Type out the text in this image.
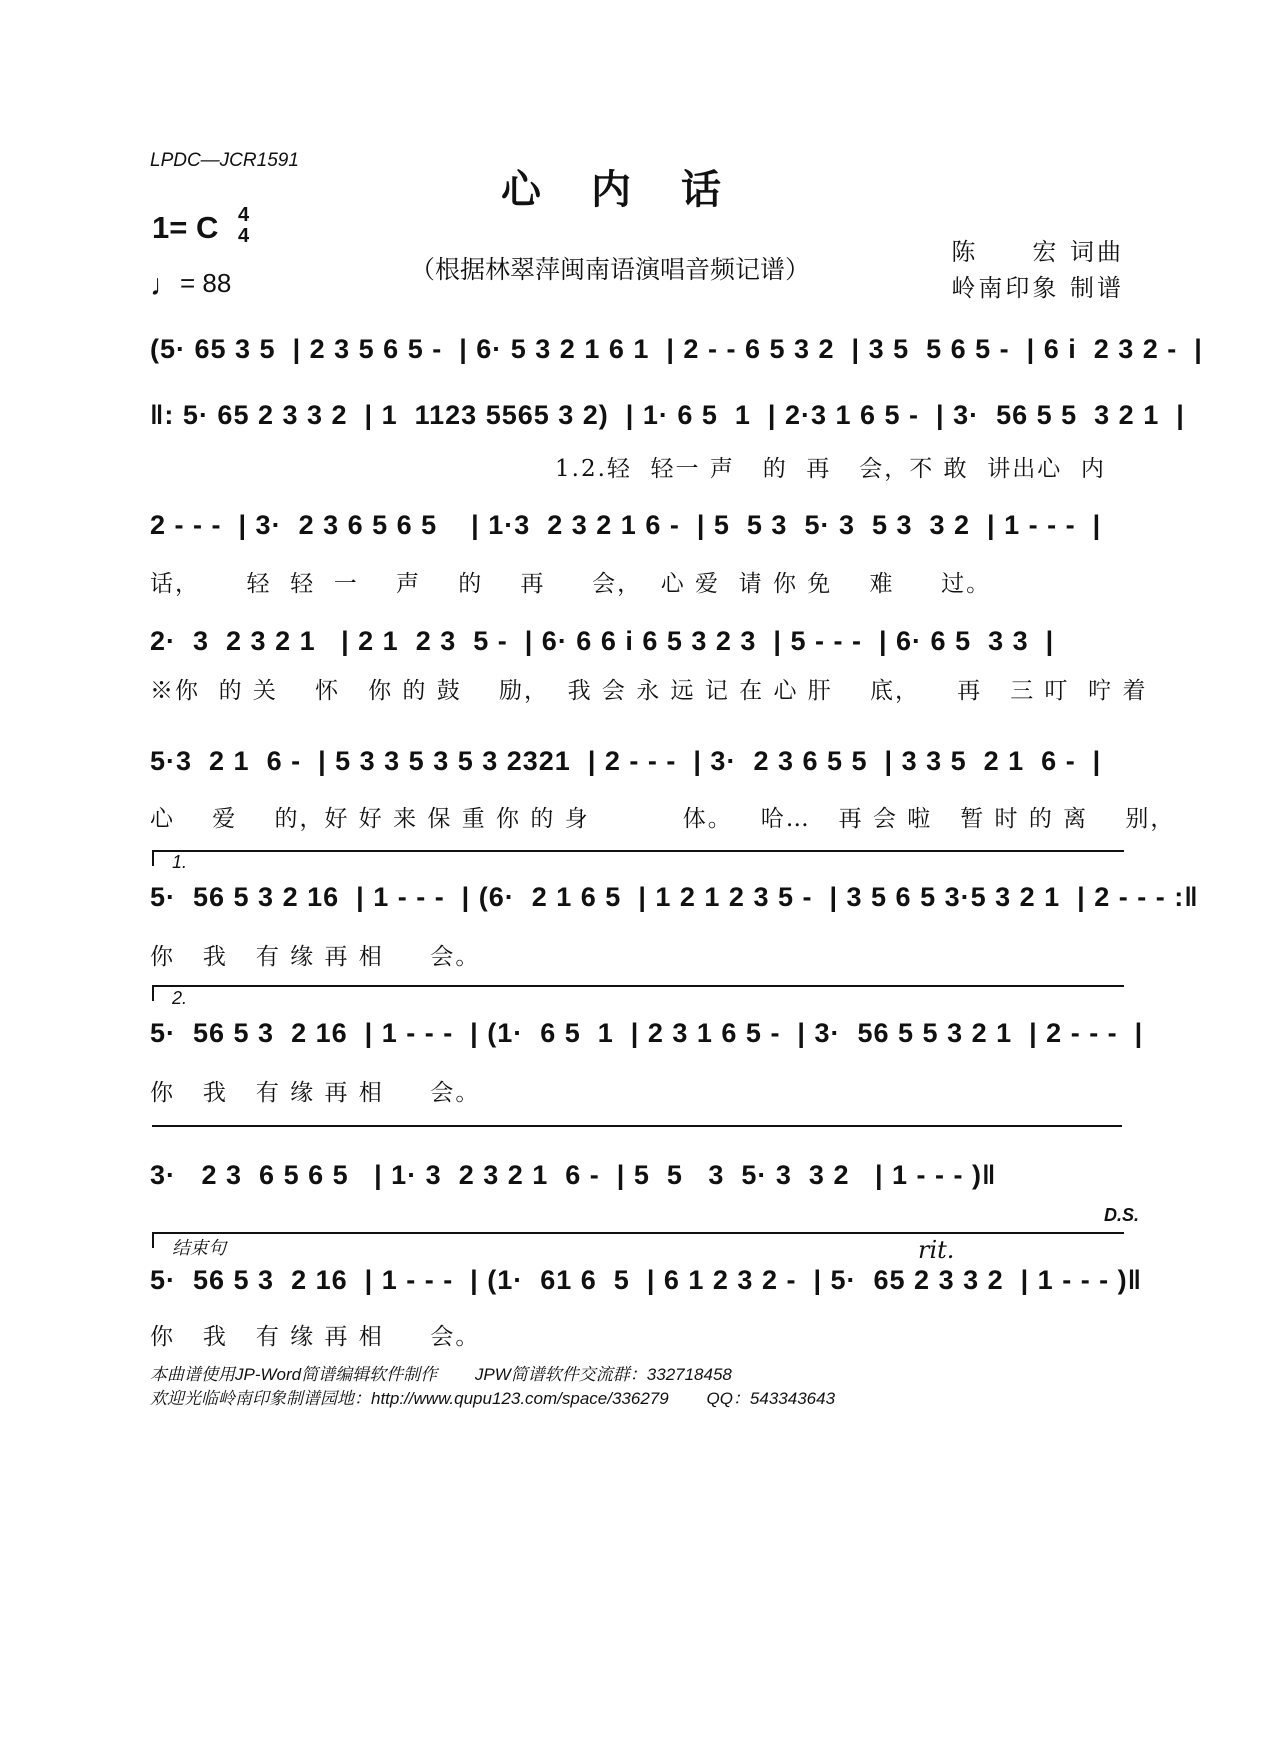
LPDC—JCR1591
心内话
1= C 4
4
♩= 88	（根据林翠萍闽南语演唱音频记谱）
陈　　宏 词曲
岭南印象 制谱
(5· 65 3 5  | 2 3 5 6 5 -  | 6· 5 3 2 1 6 1  | 2 - - 6 5 3 2  | 3 5  5 6 5 -  | 6 i  2 3 2 -  |
‖: 5· 65 2 3 3 2  | 1  1123 5565 3 2)  | 1· 6 5  1  | 2·3 1 6 5 -  | 3·  56 5 5  3 2 1  |
1.2.轻  轻一 声   的  再   会，不 敢  讲出心  内
2 - - -  | 3·  2 3 6 5 6 5    | 1·3  2 3 2 1 6 -  | 5  5 3  5· 3  5 3  3 2  | 1 - - -  |
话，     轻  轻  一    声    的    再     会，  心 爱  请 你 免    难     过。
2·  3  2 3 2 1   | 2 1  2 3  5 -  | 6· 6 6 i 6 5 3 2 3  | 5 - - -  | 6· 6 5  3 3  |
※你  的 关    怀   你 的 鼓    励，  我 会 永 远 记 在 心 肝    底，    再   三 叮  咛 着
5·3  2 1  6 -  | 5 3 3 5 3 5 3 2321  | 2 - - -  | 3·  2 3 6 5 5  | 3 3 5  2 1  6 -  |
心    爱    的，好 好 来 保 重 你 的 身          体。   哈…   再 会 啦   暂 时 的 离    别，
1.
5·  56 5 3 2 16  | 1 - - -  | (6·  2 1 6 5  | 1 2 1 2 3 5 -  | 3 5 6 5 3·5 3 2 1  | 2 - - - :‖
你   我   有 缘 再 相     会。
2.
5·  56 5 3  2 16  | 1 - - -  | (1·  6 5  1  | 2 3 1 6 5 -  | 3·  56 5 5 3 2 1  | 2 - - -  |
你   我   有 缘 再 相     会。
3·   2 3  6 5 6 5   | 1· 3  2 3 2 1  6 -  | 5  5   3  5· 3  3 2   | 1 - - - )‖
D.S.
结束句	rit.
5·  56 5 3  2 16  | 1 - - -  | (1·  61 6  5  | 6 1 2 3 2 -  | 5·  65 2 3 3 2  | 1 - - - )‖
你   我   有 缘 再 相     会。
本曲谱使用JP-Word简谱编辑软件制作        JPW简谱软件交流群：332718458
欢迎光临岭南印象制谱园地：http://www.qupu123.com/space/336279        QQ：543343643
